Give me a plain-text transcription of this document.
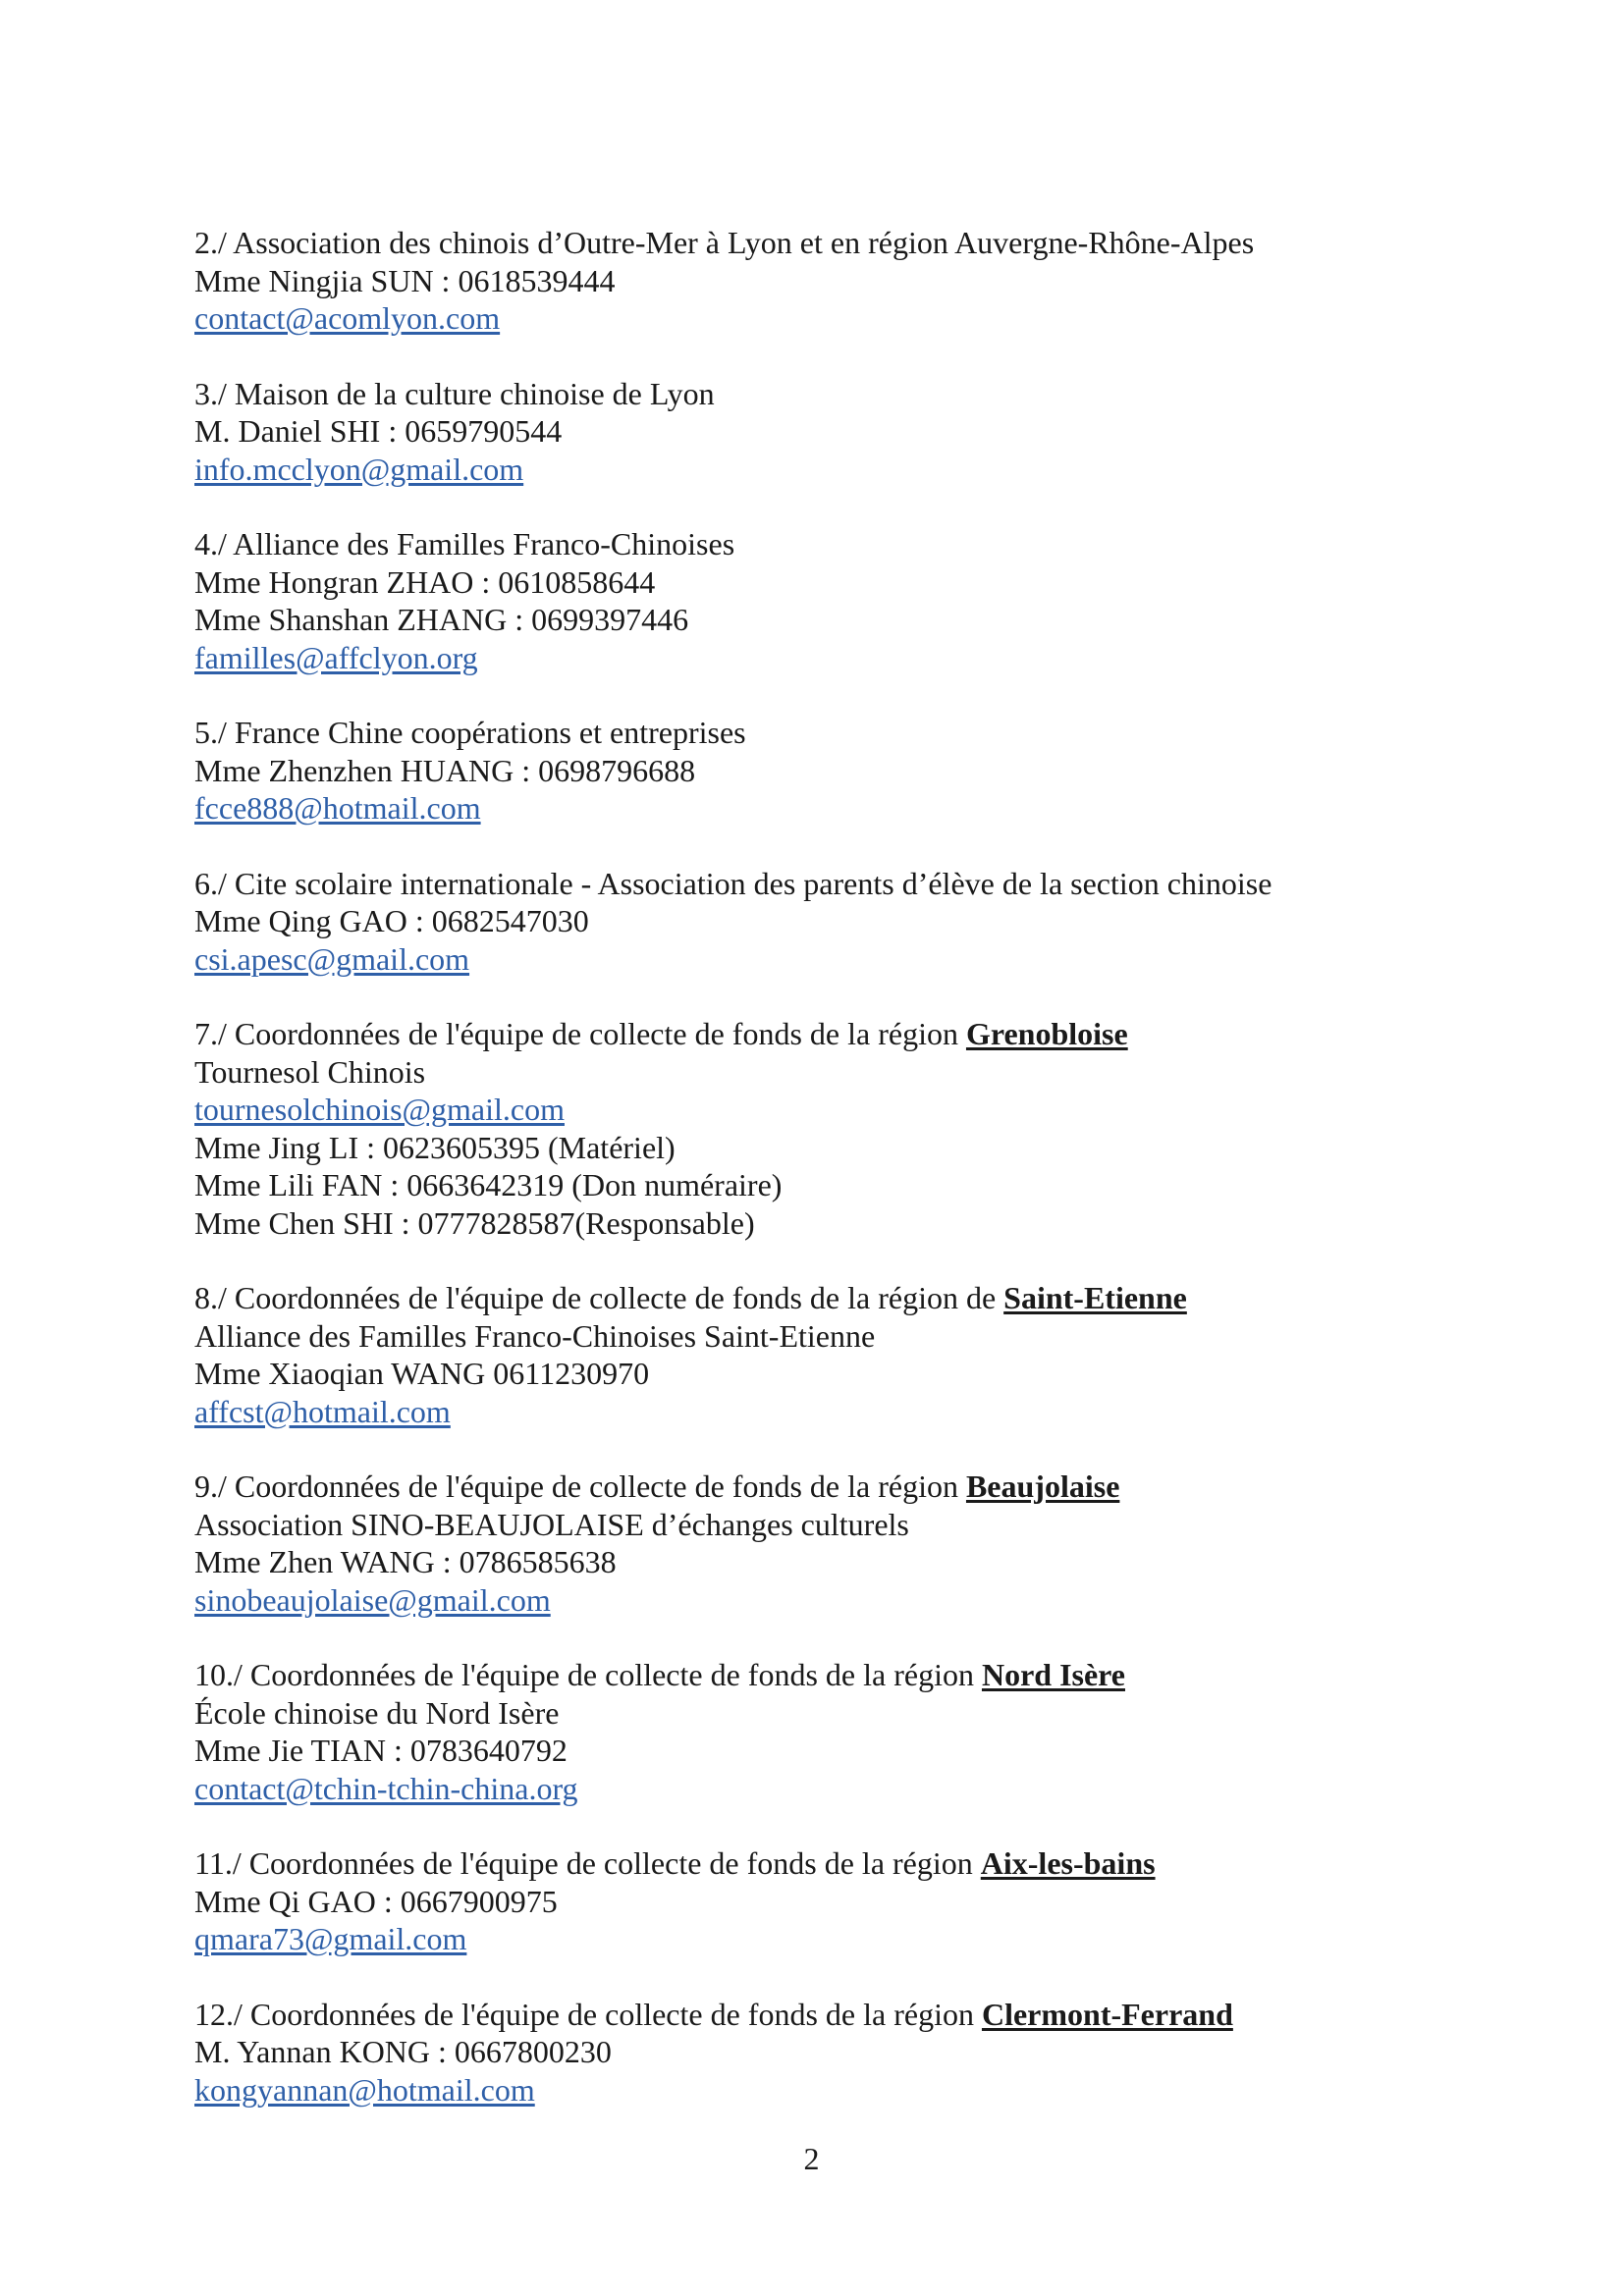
2./ Association des chinois d’Outre-Mer à Lyon et en région Auvergne-Rhône-Alpes
Mme Ningjia SUN : 0618539444
contact@acomlyon.com
3./ Maison de la culture chinoise de Lyon
M. Daniel SHI : 0659790544
info.mcclyon@gmail.com
4./ Alliance des Familles Franco-Chinoises
Mme Hongran ZHAO : 0610858644
Mme Shanshan ZHANG : 0699397446
familles@affclyon.org
5./ France Chine coopérations et entreprises
Mme Zhenzhen HUANG : 0698796688
fcce888@hotmail.com
6./ Cite scolaire internationale - Association des parents d’élève de la section chinoise
Mme Qing GAO : 0682547030
csi.apesc@gmail.com
7./ Coordonnées de l'équipe de collecte de fonds de la région Grenobloise
Tournesol Chinois
tournesolchinois@gmail.com
Mme Jing LI : 0623605395 (Matériel)
Mme Lili FAN : 0663642319 (Don numéraire)
Mme Chen SHI : 0777828587(Responsable)
8./ Coordonnées de l'équipe de collecte de fonds de la région de Saint-Etienne
Alliance des Familles Franco-Chinoises Saint-Etienne
Mme Xiaoqian WANG 0611230970
affcst@hotmail.com
9./ Coordonnées de l'équipe de collecte de fonds de la région Beaujolaise
Association SINO-BEAUJOLAISE d’échanges culturels
Mme Zhen WANG : 0786585638
sinobeaujolaise@gmail.com
10./ Coordonnées de l'équipe de collecte de fonds de la région Nord Isère
École chinoise du Nord Isère
Mme Jie TIAN : 0783640792
contact@tchin-tchin-china.org
11./ Coordonnées de l'équipe de collecte de fonds de la région Aix-les-bains
Mme Qi GAO : 0667900975
qmara73@gmail.com
12./ Coordonnées de l'équipe de collecte de fonds de la région Clermont-Ferrand
M. Yannan KONG : 0667800230
kongyannan@hotmail.com
2
